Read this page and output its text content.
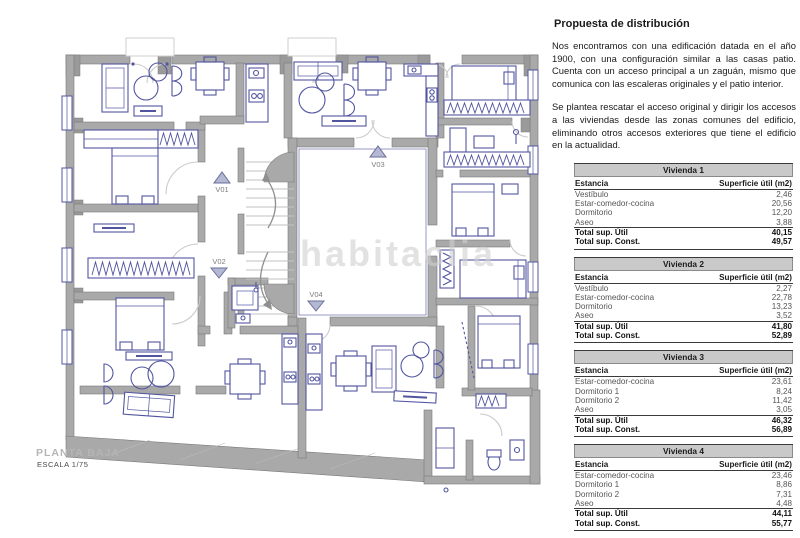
habitaclia
V01
V02
V03
V04
PLANTA BAJA
ESCALA 1/75
Propuesta de distribución

Nos encontramos con una edificación datada en el año 1900, con una configuración similar a las casas patio. Cuenta con un acceso principal a un zaguán, mismo que comunica con las escaleras originales y el patio interior.

Se plantea rescatar el acceso original y dirigir los accesos a las viviendas desde las zonas comunes del edificio, eliminando otros accesos exteriores que tiene el edificio en la actualidad.

Vivienda 1
Estancia	Superficie útil (m2)
Vestíbulo	2,46
Estar-comedor-cocina	20,56
Dormitorio	12,20
Aseo	3,88
Total sup. Útil	40,15
Total sup. Const.	49,57
Vivienda 2
Estancia	Superficie útil (m2)
Vestíbulo	2,27
Estar-comedor-cocina	22,78
Dormitorio	13,23
Aseo	3,52
Total sup. Útil	41,80
Total sup. Const.	52,89
Vivienda 3
Estancia	Superficie útil (m2)
Estar-comedor-cocina	23,61
Dormitorio 1	8,24
Dormitorio 2	11,42
Aseo	3,05
Total sup. Útil	46,32
Total sup. Const.	56,89
Vivienda 4
Estancia	Superficie útil (m2)
Estar-comedor-cocina	23,46
Dormitorio 1	8,86
Dormitorio 2	7,31
Aseo	4,48
Total sup. Útil	44,11
Total sup. Const.	55,77
